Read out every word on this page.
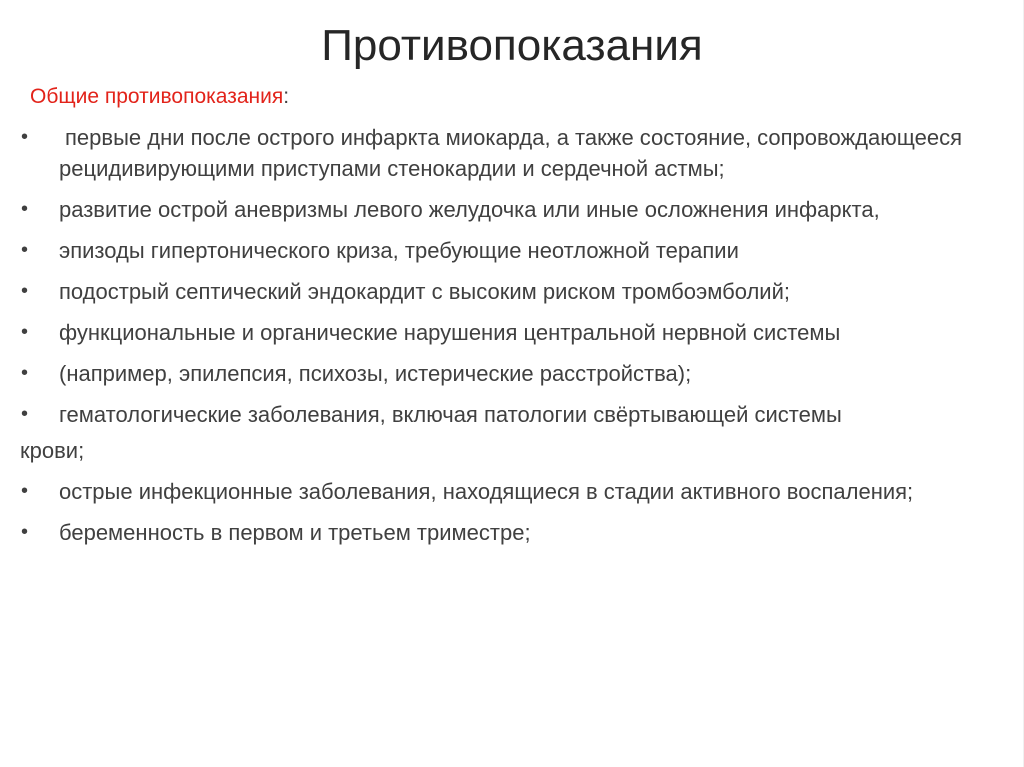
Противопоказания
Общие противопоказания:
•	первые дни после острого инфаркта миокарда, а также состояние, сопровождающееся рецидивирующими приступами стенокардии и сердечной астмы;
•	развитие острой аневризмы левого желудочка или иные осложнения инфаркта,
•	эпизоды гипертонического криза, требующие неотложной терапии
•	подострый септический эндокардит с высоким риском тромбоэмболий;
•	функциональные и органические нарушения центральной нервной системы
•	(например, эпилепсия, психозы, истерические расстройства);
•	гематологические заболевания, включая патологии свёртывающей системы
крови;
•	острые инфекционные заболевания, находящиеся в стадии активного воспаления;
•	беременность в первом и третьем триместре;
